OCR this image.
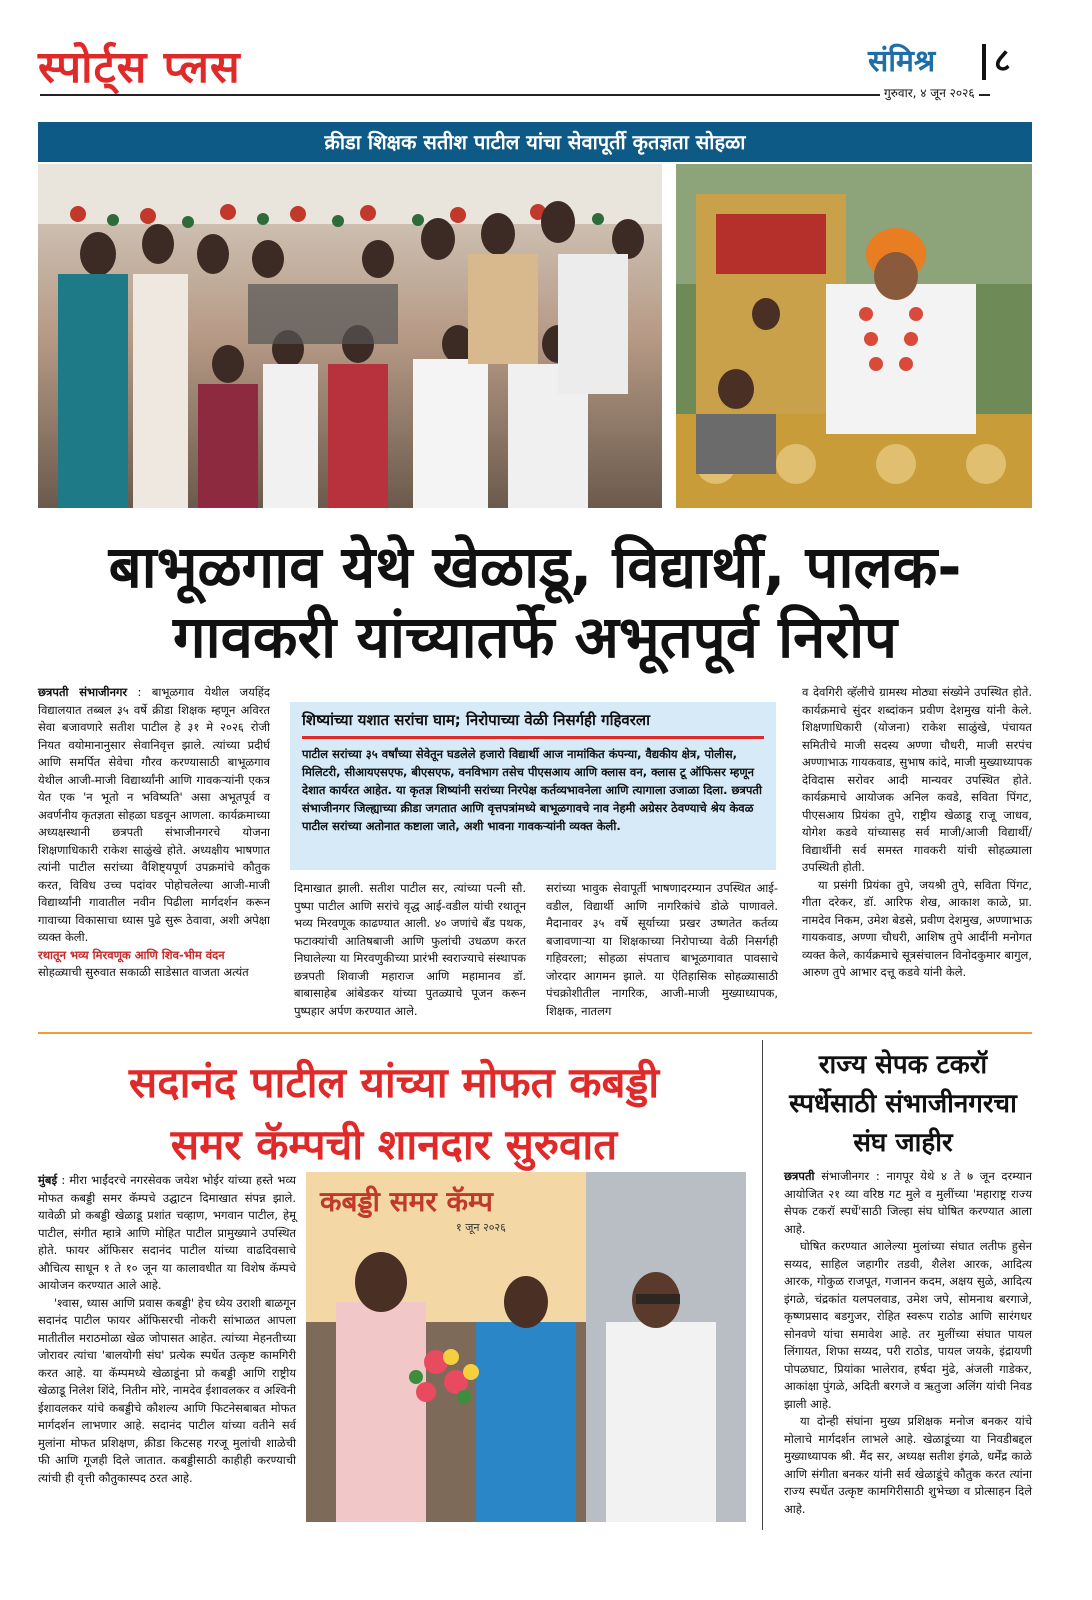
स्पोर्ट्स प्लस	संमिश्र ८
गुरुवार, ४ जून २०२६
क्रीडा शिक्षक सतीश पाटील यांचा सेवापूर्ती कृतज्ञता सोहळा
बाभूळगाव येथे खेळाडू, विद्यार्थी, पालक-
गावकरी यांच्यातर्फे अभूतपूर्व निरोप

छत्रपती संभाजीनगर : बाभूळगाव येथील जयहिंद विद्यालयात तब्बल ३५ वर्षे क्रीडा शिक्षक म्हणून अविरत सेवा बजावणारे सतीश पाटील हे ३१ मे २०२६ रोजी नियत वयोमानानुसार सेवानिवृत्त झाले. त्यांच्या प्रदीर्घ आणि समर्पित सेवेचा गौरव करण्यासाठी बाभूळगाव येथील आजी-माजी विद्यार्थ्यांनी आणि गावकऱ्यांनी एकत्र येत एक 'न भूतो न भविष्यति' असा अभूतपूर्व व अवर्णनीय कृतज्ञता सोहळा घडवून आणला. कार्यक्रमाच्या अध्यक्षस्थानी छत्रपती संभाजीनगरचे योजना शिक्षणाधिकारी राकेश साळुंखे होते. अध्यक्षीय भाषणात त्यांनी पाटील सरांच्या वैशिष्ट्यपूर्ण उपक्रमांचे कौतुक करत, विविध उच्च पदांवर पोहोचलेल्या आजी-माजी विद्यार्थ्यांनी गावातील नवीन पिढीला मार्गदर्शन करून गावाच्या विकासाचा ध्यास पुढे सुरू ठेवावा, अशी अपेक्षा व्यक्त केली.

रथातून भव्य मिरवणूक आणि शिव-भीम वंदन

सोहळ्याची सुरुवात सकाळी साडेसात वाजता अत्यंत

शिष्यांच्या यशात सरांचा घाम; निरोपाच्या वेळी निसर्गही गहिवरला
पाटील सरांच्या ३५ वर्षांच्या सेवेतून घडलेले हजारो विद्यार्थी आज नामांकित कंपन्या, वैद्यकीय क्षेत्र, पोलीस, मिलिटरी, सीआयएसएफ, बीएसएफ, वनविभाग तसेच पीएसआय आणि क्लास वन, क्लास टू ऑफिसर म्हणून देशात कार्यरत आहेत. या कृतज्ञ शिष्यांनी सरांच्या निरपेक्ष कर्तव्यभावनेला आणि त्यागाला उजाळा दिला. छत्रपती संभाजीनगर जिल्ह्याच्या क्रीडा जगतात आणि वृत्तपत्रांमध्ये बाभूळगावचे नाव नेहमी अग्रेसर ठेवण्याचे श्रेय केवळ पाटील सरांच्या अतोनात कष्टाला जाते, अशी भावना गावकऱ्यांनी व्यक्त केली.

दिमाखात झाली. सतीश पाटील सर, त्यांच्या पत्नी सौ. पुष्पा पाटील आणि सरांचे वृद्ध आई-वडील यांची रथातून भव्य मिरवणूक काढण्यात आली. ४० जणांचे बँड पथक, फटाक्यांची आतिषबाजी आणि फुलांची उधळण करत निघालेल्या या मिरवणुकीच्या प्रारंभी स्वराज्याचे संस्थापक छत्रपती शिवाजी महाराज आणि महामानव डॉ. बाबासाहेब आंबेडकर यांच्या पुतळ्याचे पूजन करून पुष्पहार अर्पण करण्यात आले.

सरांच्या भावुक सेवापूर्ती भाषणादरम्यान उपस्थित आई-वडील, विद्यार्थी आणि नागरिकांचे डोळे पाणावले. मैदानावर ३५ वर्षे सूर्याच्या प्रखर उष्णतेत कर्तव्य बजावणाऱ्या या शिक्षकाच्या निरोपाच्या वेळी निसर्गही गहिवरला; सोहळा संपताच बाभूळगावात पावसाचे जोरदार आगमन झाले. या ऐतिहासिक सोहळ्यासाठी पंचक्रोशीतील नागरिक, आजी-माजी मुख्याध्यापक, शिक्षक, नातलग

व देवगिरी व्हॅलीचे ग्रामस्थ मोठ्या संख्येने उपस्थित होते. कार्यक्रमाचे सुंदर शब्दांकन प्रवीण देशमुख यांनी केले. शिक्षणाधिकारी (योजना) राकेश साळुंखे, पंचायत समितीचे माजी सदस्य अण्णा चौधरी, माजी सरपंच अण्णाभाऊ गायकवाड, सुभाष कांदे, माजी मुख्याध्यापक देविदास सरोवर आदी मान्यवर उपस्थित होते. कार्यक्रमाचे आयोजक अनिल कवडे, सविता पिंगट, पीएसआय प्रियंका तुपे, राष्ट्रीय खेळाडू राजू जाधव, योगेश कडवे यांच्यासह सर्व माजी/आजी विद्यार्थी/ विद्यार्थीनी सर्व समस्त गावकरी यांची सोहळ्याला उपस्थिती होती.

या प्रसंगी प्रियंका तुपे, जयश्री तुपे, सविता पिंगट, गीता दरेकर, डॉ. आरिफ शेख, आकाश काळे, प्रा. नामदेव निकम, उमेश बेडसे, प्रवीण देशमुख, अण्णाभाऊ गायकवाड, अण्णा चौधरी, आशिष तुपे आदींनी मनोगत व्यक्त केले, कार्यक्रमाचे सूत्रसंचालन विनोदकुमार बागुल, आरुण तुपे आभार दत्तू कडवे यांनी केले.

सदानंद पाटील यांच्या मोफत कबड्डी
समर कॅम्पची शानदार सुरुवात

मुंबई : मीरा भाईंदरचे नगरसेवक जयेश भोईर यांच्या हस्ते भव्य मोफत कबड्डी समर कॅम्पचे उद्घाटन दिमाखात संपन्न झाले. यावेळी प्रो कबड्डी खेळाडू प्रशांत चव्हाण, भगवान पाटील, हेमू पाटील, संगीत म्हात्रे आणि मोहित पाटील प्रामुख्याने उपस्थित होते. फायर ऑफिसर सदानंद पाटील यांच्या वाढदिवसाचे औचित्य साधून १ ते १० जून या कालावधीत या विशेष कॅम्पचे आयोजन करण्यात आले आहे.

'श्वास, ध्यास आणि प्रवास कबड्डी' हेच ध्येय उराशी बाळगून सदानंद पाटील फायर ऑफिसरची नोकरी सांभाळत आपला मातीतील मराठमोळा खेळ जोपासत आहेत. त्यांच्या मेहनतीच्या जोरावर त्यांचा 'बालयोगी संघ' प्रत्येक स्पर्धेत उत्कृष्ट कामगिरी करत आहे. या कॅम्पमध्ये खेळाडूंना प्रो कबड्डी आणि राष्ट्रीय खेळाडू निलेश शिंदे, नितीन मोरे, नामदेव ईशावलकर व अश्विनी ईशावलकर यांचे कबड्डीचे कौशल्य आणि फिटनेसबाबत मोफत मार्गदर्शन लाभणार आहे. सदानंद पाटील यांच्या वतीने सर्व मुलांना मोफत प्रशिक्षण, क्रीडा किटसह गरजू मुलांची शाळेची फी आणि गूजही दिले जातात. कबड्डीसाठी काहीही करण्याची त्यांची ही वृत्ती कौतुकास्पद ठरत आहे.

कबड्डी समर कॅम्प
१ जून २०२६
राज्य सेपक टकरॉ
स्पर्धेसाठी संभाजीनगरचा
संघ जाहीर

छत्रपती संभाजीनगर : नागपूर येथे ४ ते ७ जून दरम्यान आयोजित २१ व्या वरिष्ठ गट मुले व मुलींच्या 'महाराष्ट्र राज्य सेपक टकरॉ स्पर्धे'साठी जिल्हा संघ घोषित करण्यात आला आहे.

घोषित करण्यात आलेल्या मुलांच्या संघात लतीफ हुसेन सय्यद, साहिल जहागीर तडवी, शैलेश आरक, आदित्य आरक, गोकुळ राजपूत, गजानन कदम, अक्षय सुळे, आदित्य इंगळे, चंद्रकांत यलपलवाड, उमेश जपे, सोमनाथ बरगाजे, कृष्णप्रसाद बडगुजर, रोहित स्वरूप राठोड आणि सारंगधर सोनवणे यांचा समावेश आहे. तर मुलींच्या संघात पायल लिंगायत, शिफा सय्यद, परी राठोड, पायल जयके, इंद्रायणी पोपळघाट, प्रियांका भालेराव, हर्षदा मुंढे, अंजली गाडेकर, आकांक्षा पुंगळे, अदिती बरगजे व ऋतुजा अलिंग यांची निवड झाली आहे.

या दोन्ही संघांना मुख्य प्रशिक्षक मनोज बनकर यांचे मोलाचे मार्गदर्शन लाभले आहे. खेळाडूंच्या या निवडीबद्दल मुख्याध्यापक श्री. मैंद सर, अध्यक्ष सतीश इंगळे, धर्मेंद्र काळे आणि संगीता बनकर यांनी सर्व खेळाडूंचे कौतुक करत त्यांना राज्य स्पर्धेत उत्कृष्ट कामगिरीसाठी शुभेच्छा व प्रोत्साहन दिले आहे.
